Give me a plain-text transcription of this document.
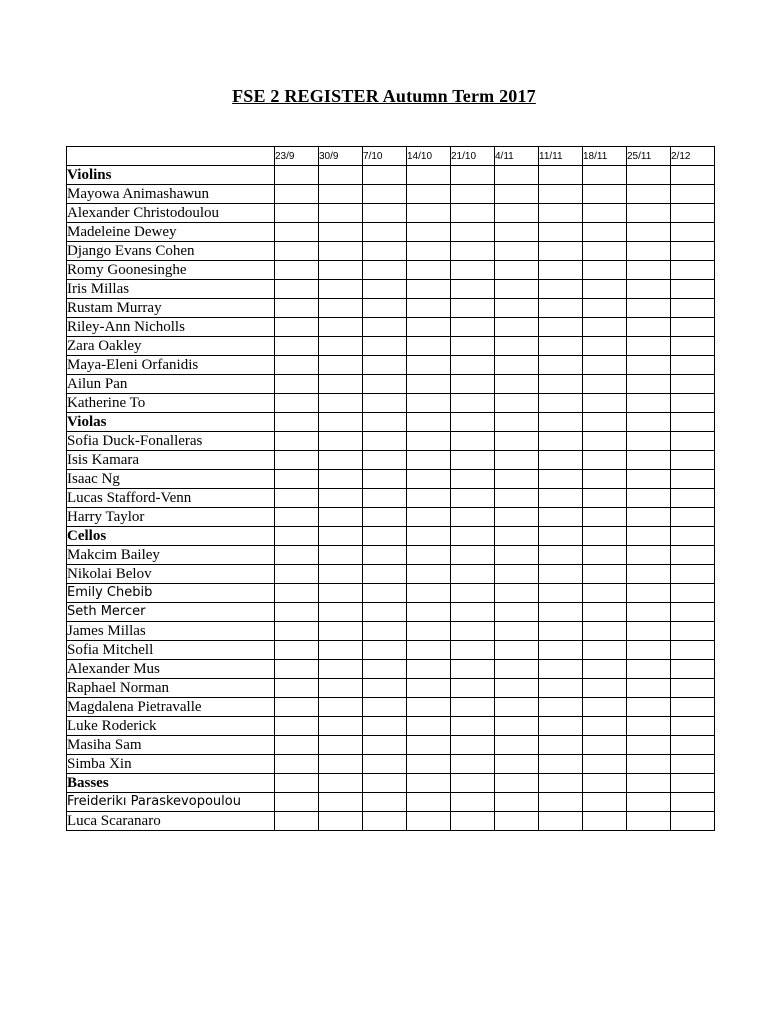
FSE 2 REGISTER Autumn Term 2017
	23/9	30/9	7/10	14/10	21/10	4/11	11/11	18/11	25/11	2/12
Violins										
Mayowa Animashawun										
Alexander Christodoulou										
Madeleine Dewey										
Django Evans Cohen										
Romy Goonesinghe										
Iris Millas										
Rustam Murray										
Riley-Ann Nicholls										
Zara Oakley										
Maya-Eleni Orfanidis										
Ailun Pan										
Katherine To										
Violas										
Sofia Duck-Fonalleras										
Isis Kamara										
Isaac Ng										
Lucas Stafford-Venn										
Harry Taylor										
Cellos										
Makcim Bailey										
Nikolai Belov										
Emily Chebib										
Seth Mercer										
James Millas										
Sofia Mitchell										
Alexander Mus										
Raphael Norman										
Magdalena Pietravalle										
Luke Roderick										
Masiha Sam										
Simba Xin										
Basses										
Freiderikı Paraskevopoulou										
Luca Scaranaro										
